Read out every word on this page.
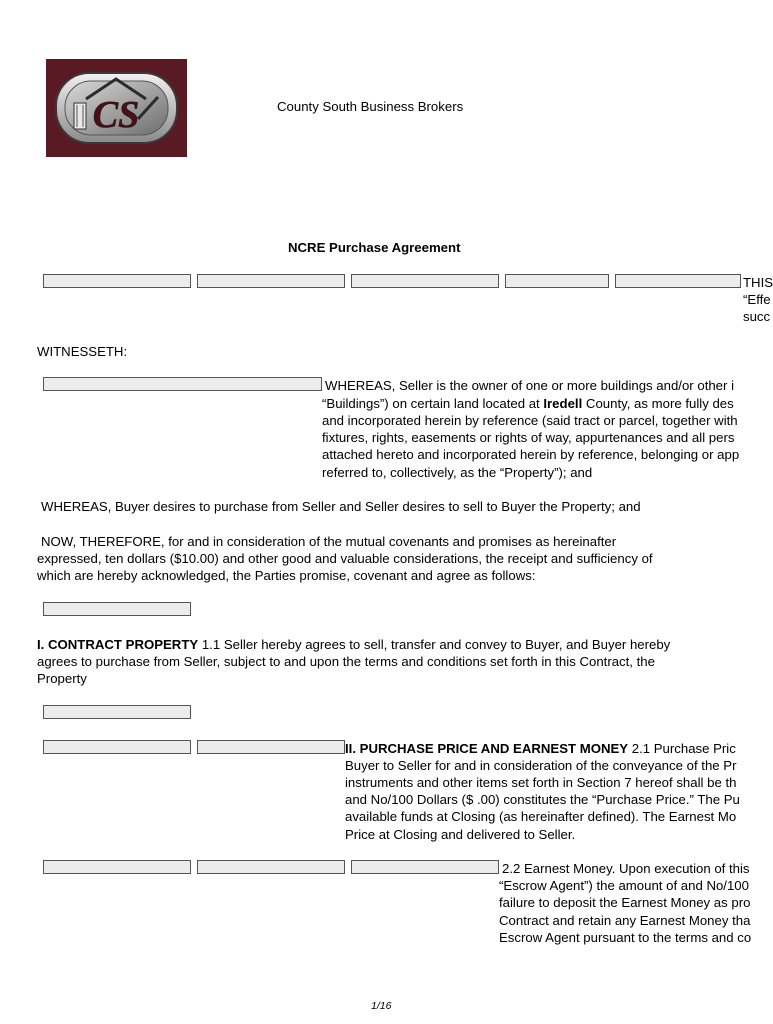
CS	County South Business Brokers
NCRE Purchase Agreement
THIS
“Effe
succ
WITNESSETH:
WHEREAS, Seller is the owner of one or more buildings and/or other i
“Buildings”) on certain land located at Iredell County, as more fully des
and incorporated herein by reference (said tract or parcel, together with
fixtures, rights, easements or rights of way, appurtenances and all pers
attached hereto and incorporated herein by reference, belonging or app
referred to, collectively, as the “Property”); and
WHEREAS, Buyer desires to purchase from Seller and Seller desires to sell to Buyer the Property; and
NOW, THEREFORE, for and in consideration of the mutual covenants and promises as hereinafter
expressed, ten dollars ($10.00) and other good and valuable considerations, the receipt and sufficiency of
which are hereby acknowledged, the Parties promise, covenant and agree as follows:
I. CONTRACT PROPERTY 1.1 Seller hereby agrees to sell, transfer and convey to Buyer, and Buyer hereby
agrees to purchase from Seller, subject to and upon the terms and conditions set forth in this Contract, the
Property
II. PURCHASE PRICE AND EARNEST MONEY 2.1 Purchase Pric
Buyer to Seller for and in consideration of the conveyance of the Pr
instruments and other items set forth in Section 7 hereof shall be th
and No/100 Dollars ($ .00) constitutes the “Purchase Price.” The Pu
available funds at Closing (as hereinafter defined). The Earnest Mo
Price at Closing and delivered to Seller.
2.2 Earnest Money. Upon execution of this
“Escrow Agent”) the amount of and No/100
failure to deposit the Earnest Money as pro
Contract and retain any Earnest Money tha
Escrow Agent pursuant to the terms and co
1/16
